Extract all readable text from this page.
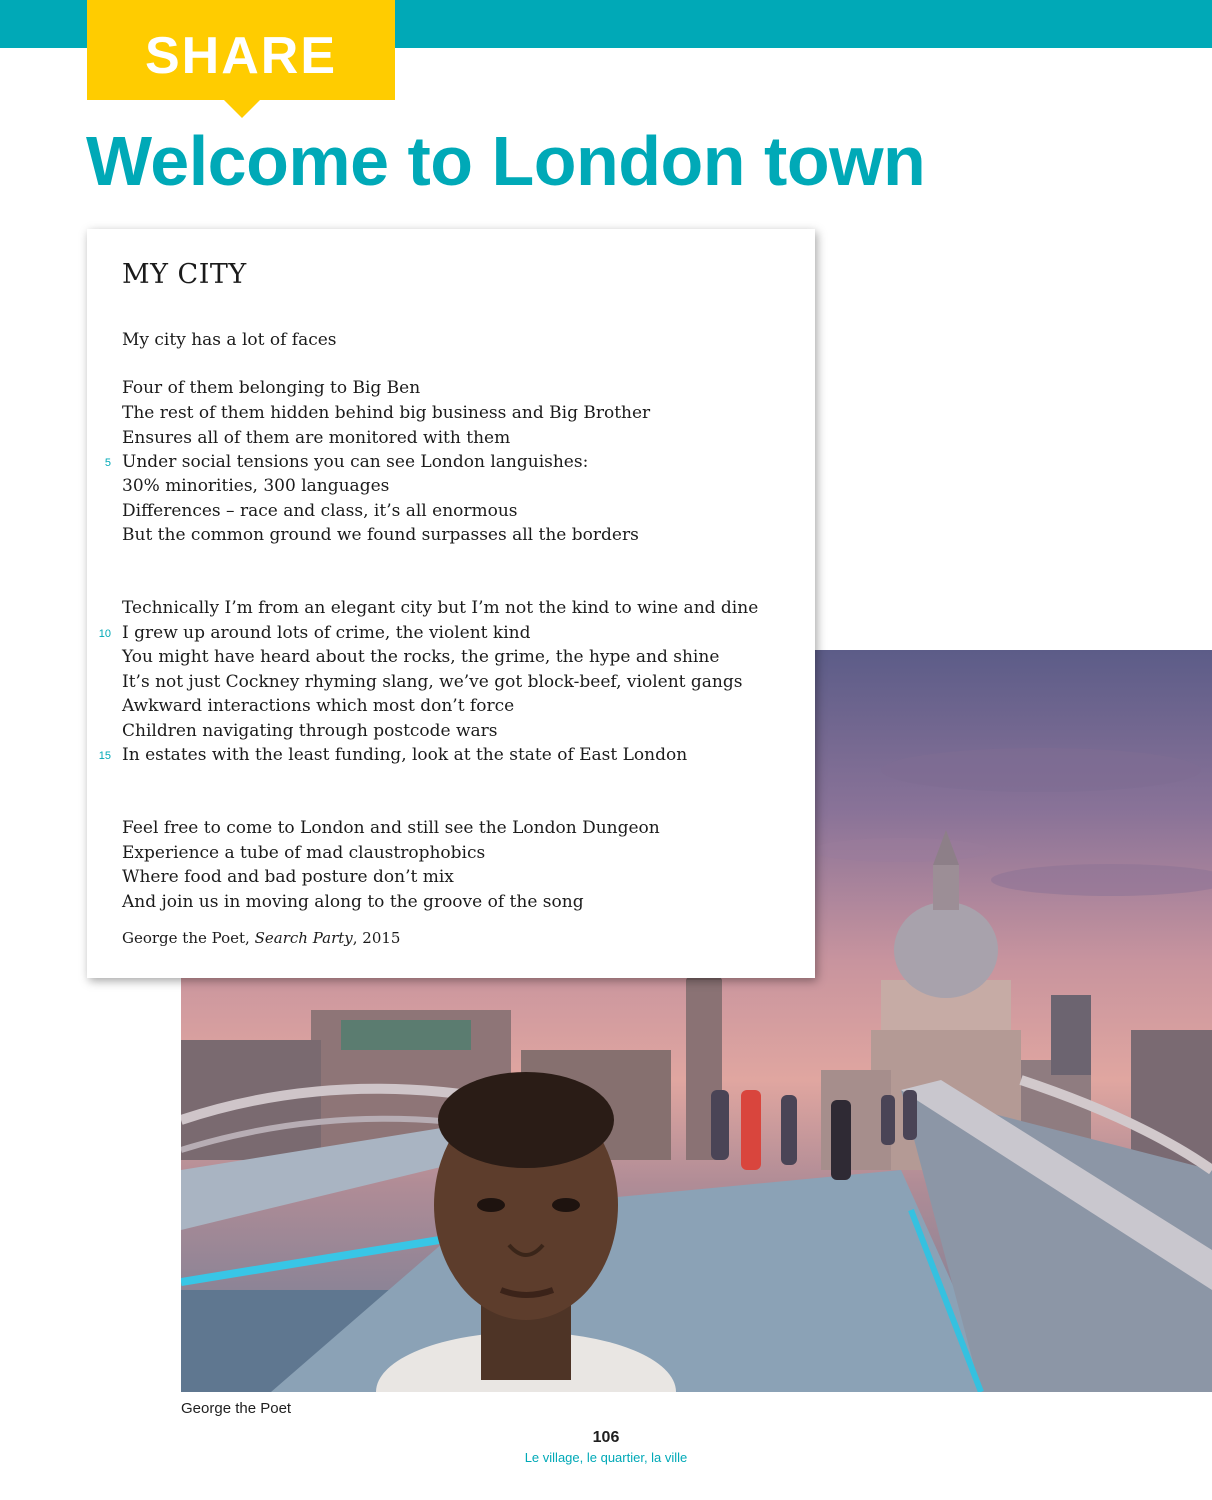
SHARE
Welcome to London town
George the Poet
MY CITY
My city has a lot of faces
Four of them belonging to Big Ben
The rest of them hidden behind big business and Big Brother
Ensures all of them are monitored with them
5 Under social tensions you can see London languishes:
30% minorities, 300 languages
Differences – race and class, it’s all enormous
But the common ground we found surpasses all the borders
Technically I’m from an elegant city but I’m not the kind to wine and dine
10 I grew up around lots of crime, the violent kind
You might have heard about the rocks, the grime, the hype and shine
It’s not just Cockney rhyming slang, we’ve got block-beef, violent gangs
Awkward interactions which most don’t force
Children navigating through postcode wars
15 In estates with the least funding, look at the state of East London
Feel free to come to London and still see the London Dungeon
Experience a tube of mad claustrophobics
Where food and bad posture don’t mix
And join us in moving along to the groove of the song
George the Poet, Search Party, 2015
106
Le village, le quartier, la ville
